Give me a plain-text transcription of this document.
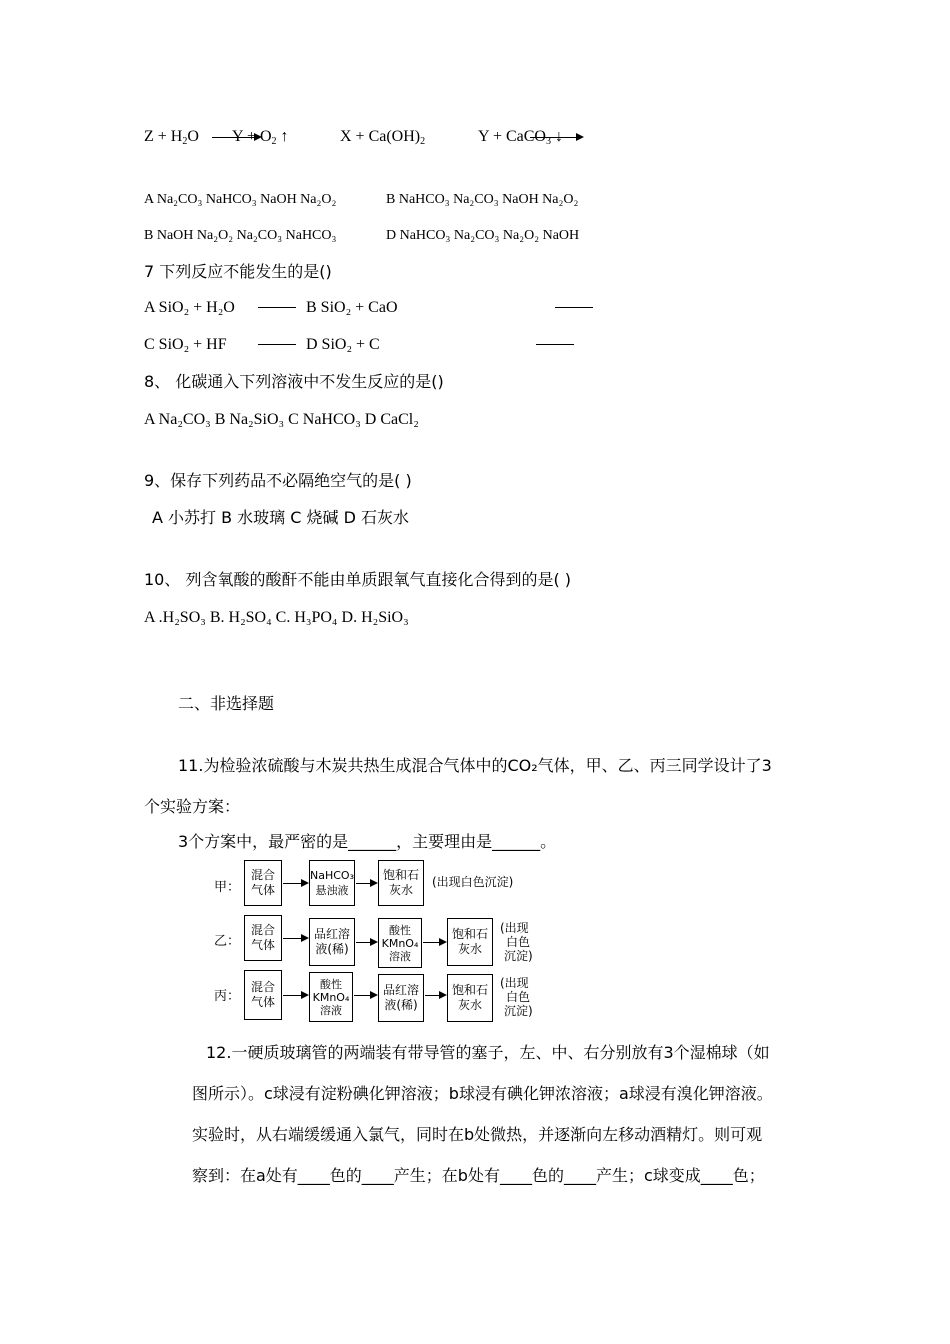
$Z + H_2O$ $Y + O_2$ ↑	$X + Ca(OH)_2$	Y + CaCO$_3$ ↓
A Na₂CO₃ NaHCO₃ NaOH Na₂O₂	B NaHCO₃ Na₂CO₃ NaOH Na₂O₂
B NaOH Na₂O₂ Na₂CO₃ NaHCO₃	D NaHCO₃ Na₂CO₃ Na₂O₂ NaOH
7 下列反应不能发生的是()
A SiO₂ + H₂O	B SiO₂ + CaO
C SiO₂ + HF	D SiO₂ + C
8、 化碳通入下列溶液中不发生反应的是()
A Na₂CO₃ B Na₂SiO₃ C NaHCO₃ D CaCl₂
9、保存下列药品不必隔绝空气的是( )
A 小苏打 B 水玻璃 C 烧碱 D 石灰水
10、 列含氧酸的酸酐不能由单质跟氧气直接化合得到的是( )
A .H₂SO₃ B. H₂SO₄ C. H₃PO₄ D. H₂SiO₃
二、非选择题
11.为检验浓硫酸与木炭共热生成混合气体中的CO₂气体，甲、乙、丙三同学设计了3
个实验方案：
3个方案中，最严密的是______，主要理由是______。
甲：
混合
气体
NaHCO₃
悬浊液
饱和石
灰水
(出现白色沉淀)
乙：
混合
气体
品红溶
液(稀)
酸性
KMnO₄
溶液
饱和石
灰水
(出现
白色
沉淀)
丙：
混合
气体
酸性
KMnO₄
溶液
品红溶
液(稀)
饱和石
灰水
(出现
白色
沉淀)
12.一硬质玻璃管的两端装有带导管的塞子，左、中、右分别放有3个湿棉球（如
图所示）。c球浸有淀粉碘化钾溶液；b球浸有碘化钾浓溶液；a球浸有溴化钾溶液。
实验时，从右端缓缓通入氯气，同时在b处微热，并逐渐向左移动酒精灯。则可观
察到：在a处有____色的____产生；在b处有____色的____产生；c球变成____色；
